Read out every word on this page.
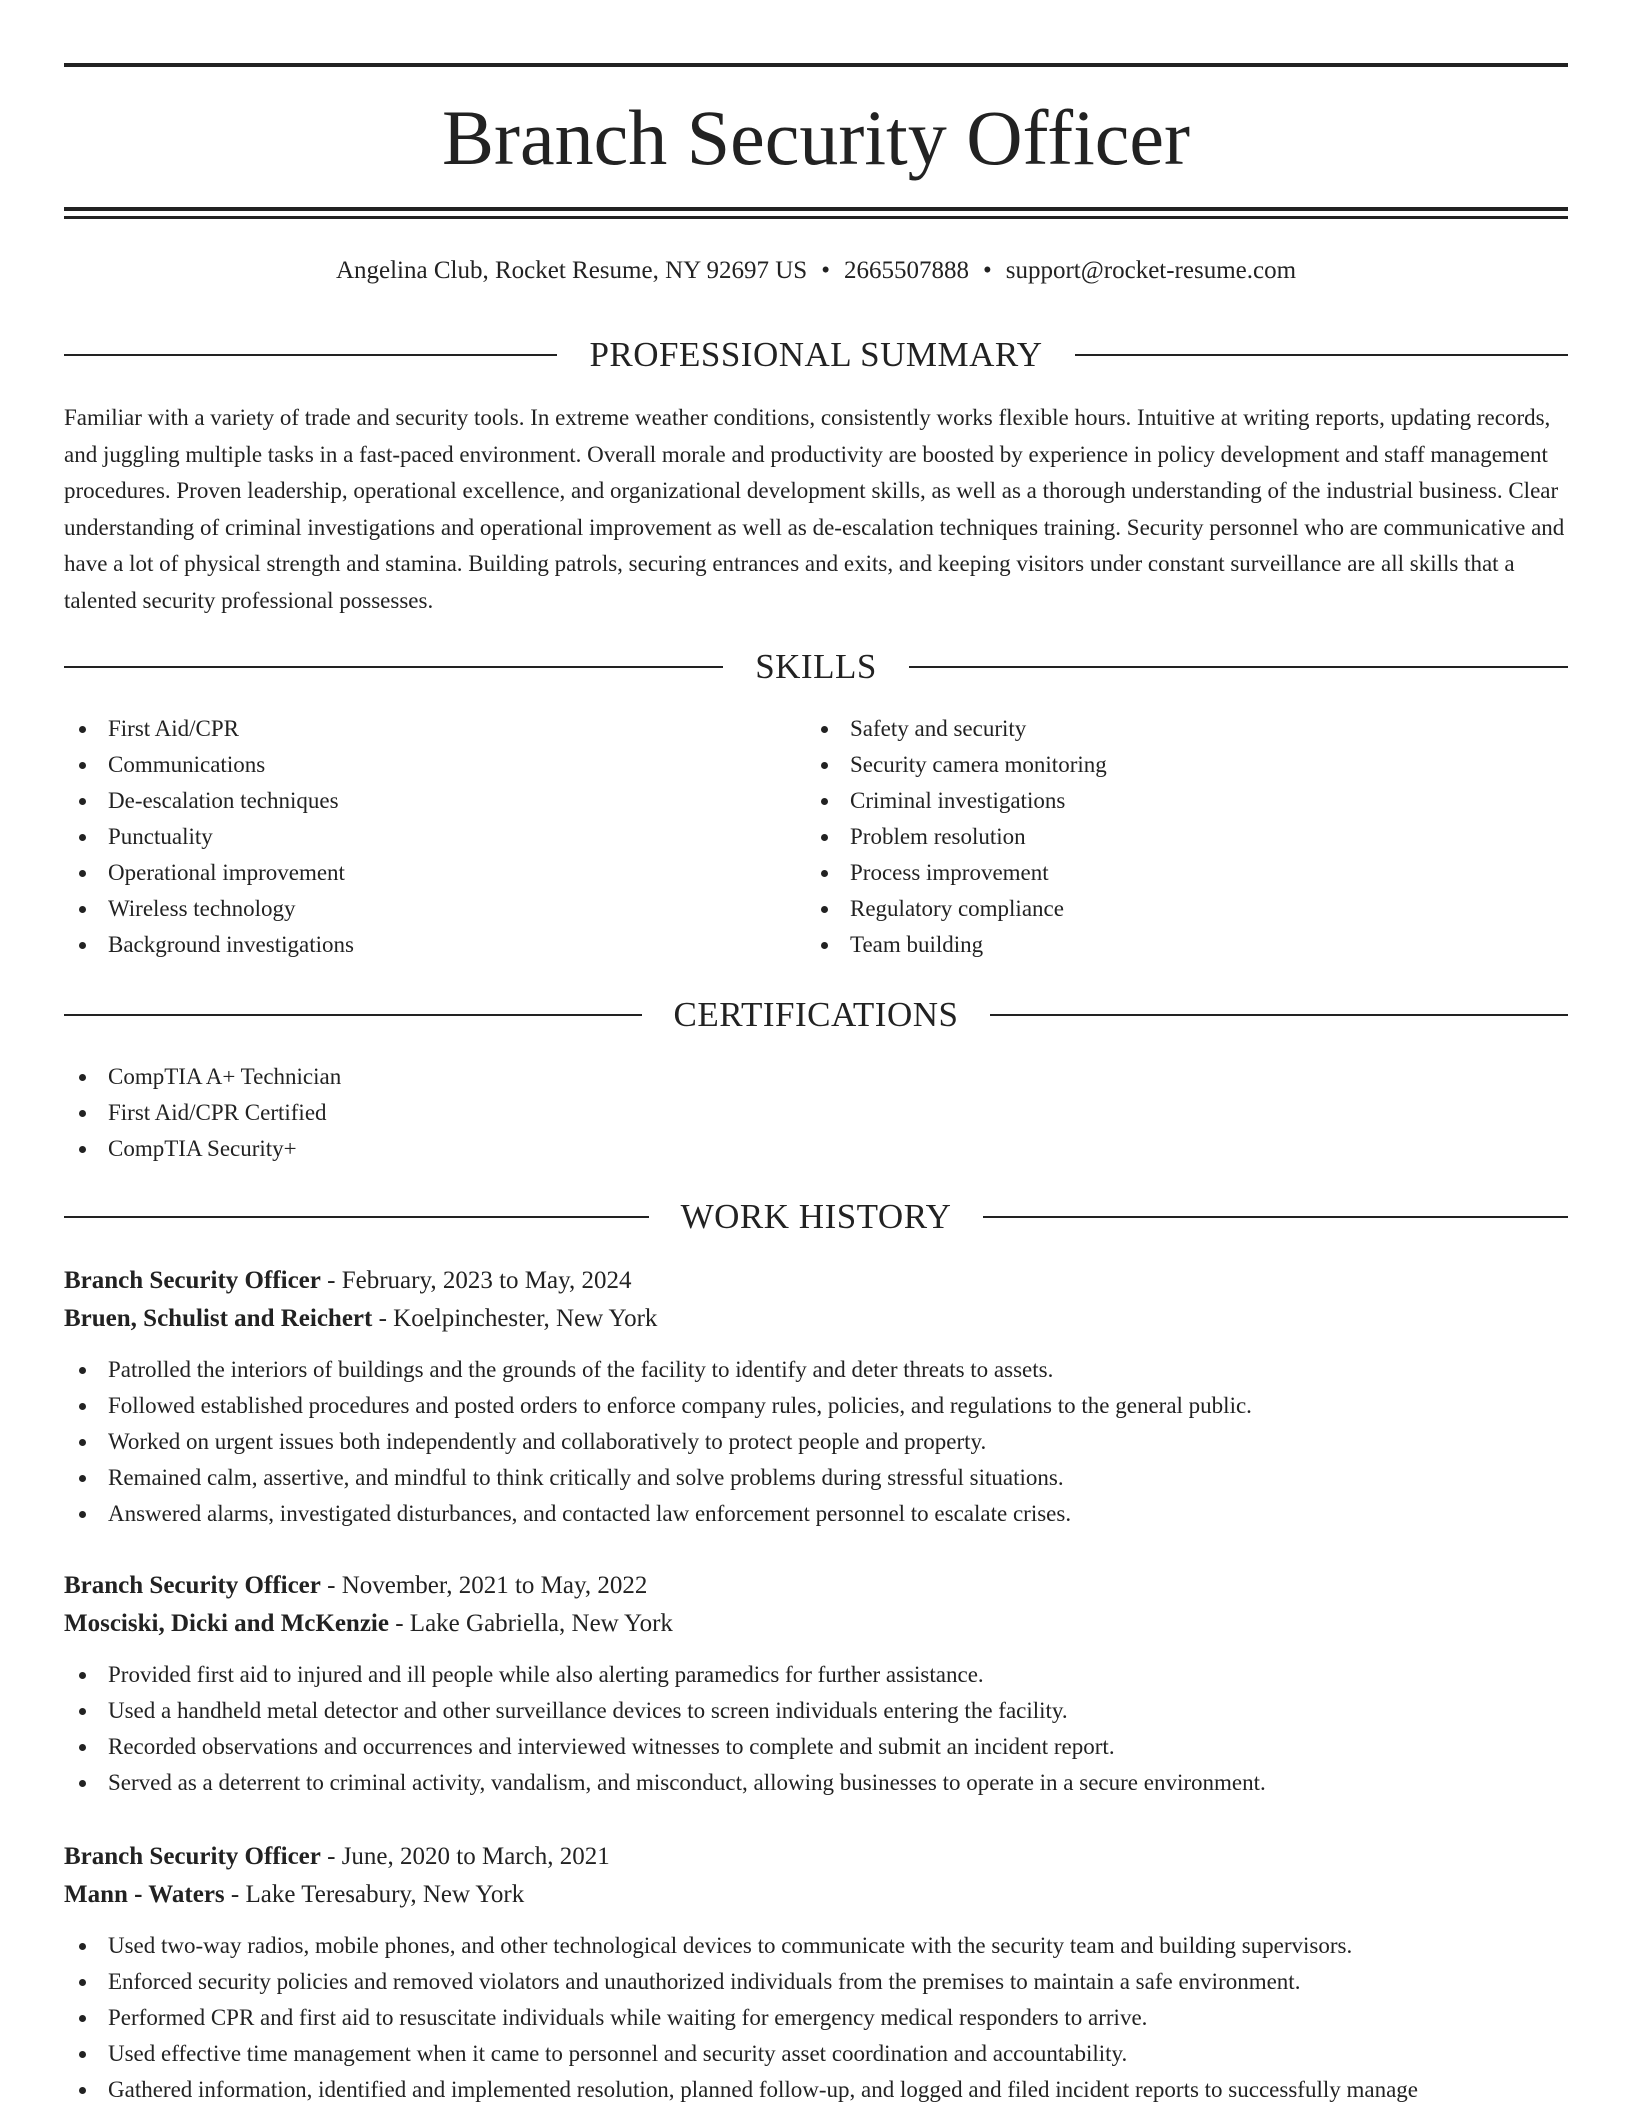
Branch Security Officer
Angelina Club, Rocket Resume, NY 92697 US • 2665507888 • support@rocket-resume.com
PROFESSIONAL SUMMARY

Familiar with a variety of trade and security tools. In extreme weather conditions, consistently works flexible hours. Intuitive at writing reports, updating records, and juggling multiple tasks in a fast-paced environment. Overall morale and productivity are boosted by experience in policy development and staff management procedures. Proven leadership, operational excellence, and organizational development skills, as well as a thorough understanding of the industrial business. Clear understanding of criminal investigations and operational improvement as well as de-escalation techniques training. Security personnel who are communicative and have a lot of physical strength and stamina. Building patrols, securing entrances and exits, and keeping visitors under constant surveillance are all skills that a talented security professional possesses.

SKILLS
First Aid/CPR
Communications
De-escalation techniques
Punctuality
Operational improvement
Wireless technology
Background investigations
Safety and security
Security camera monitoring
Criminal investigations
Problem resolution
Process improvement
Regulatory compliance
Team building
CERTIFICATIONS
CompTIA A+ Technician
First Aid/CPR Certified
CompTIA Security+
WORK HISTORY
Branch Security Officer - February, 2023 to May, 2024
Bruen, Schulist and Reichert - Koelpinchester, New York
Patrolled the interiors of buildings and the grounds of the facility to identify and deter threats to assets.
Followed established procedures and posted orders to enforce company rules, policies, and regulations to the general public.
Worked on urgent issues both independently and collaboratively to protect people and property.
Remained calm, assertive, and mindful to think critically and solve problems during stressful situations.
Answered alarms, investigated disturbances, and contacted law enforcement personnel to escalate crises.
Branch Security Officer - November, 2021 to May, 2022
Mosciski, Dicki and McKenzie - Lake Gabriella, New York
Provided first aid to injured and ill people while also alerting paramedics for further assistance.
Used a handheld metal detector and other surveillance devices to screen individuals entering the facility.
Recorded observations and occurrences and interviewed witnesses to complete and submit an incident report.
Served as a deterrent to criminal activity, vandalism, and misconduct, allowing businesses to operate in a secure environment.
Branch Security Officer - June, 2020 to March, 2021
Mann - Waters - Lake Teresabury, New York
Used two-way radios, mobile phones, and other technological devices to communicate with the security team and building supervisors.
Enforced security policies and removed violators and unauthorized individuals from the premises to maintain a safe environment.
Performed CPR and first aid to resuscitate individuals while waiting for emergency medical responders to arrive.
Used effective time management when it came to personnel and security asset coordination and accountability.
Gathered information, identified and implemented resolution, planned follow-up, and logged and filed incident reports to successfully manage
